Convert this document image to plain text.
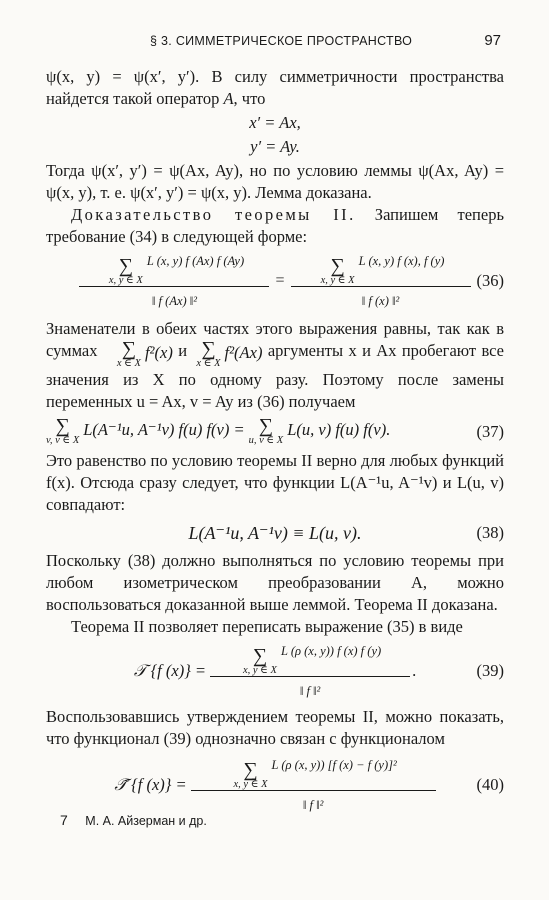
§ 3. СИММЕТРИЧЕСКОЕ ПРОСТРАНСТВО	97

ψ(x, y) = ψ(x′, y′). В силу симметричности пространства найдется такой оператор A, что

x′ = Ax,
y′ = Ay.

Тогда ψ(x′, y′) = ψ(Ax, Ay), но по условию леммы ψ(Ax, Ay) = ψ(x, y), т. е. ψ(x′, y′) = ψ(x, y). Лемма доказана.

Доказательство теоремы II. Запишем теперь требование (34) в следующей форме:

∑
x, y ∈ X
L (x, y) f (Ax) f (Ay)
‖ f (Ax) ‖² = ∑
x, y ∈ X
L (x, y) f (x), f (y)
‖ f (x) ‖² (36)

Знаменатели в обеих частях этого выражения равны, так как в суммах ∑
x ∈ X
f²(x) и ∑
x ∈ X
f²(Ax) аргументы x и Ax пробегают все значения из X по одному разу. Поэтому после замены переменных u = Ax, v = Ay из (36) получаем

∑
v, v ∈ X
L(A⁻¹u, A⁻¹v) f(u) f(v) = ∑
u, v ∈ X
L(u, v) f(u) f(v).	(37)

Это равенство по условию теоремы II верно для любых функций f(x). Отсюда сразу следует, что функции L(A⁻¹u, A⁻¹v) и L(u, v) совпадают:

L(A⁻¹u, A⁻¹v) ≡ L(u, v).	(38)

Поскольку (38) должно выполняться по условию теоремы при любом изометрическом преобразовании A, можно воспользоваться доказанной выше леммой. Теорема II доказана.

Теорема II позволяет переписать выражение (35) в виде

𝒯 {f (x)} = ∑
x, y ∈ X
L (ρ (x, y)) f (x) f (y)
‖ f ‖² .	(39)

Воспользовавшись утверждением теоремы II, можно показать, что функционал (39) однозначно связан с функционалом

𝒯̃ {f (x)} = ∑
x, y ∈ X
L (ρ (x, y)) [f (x) − f (y)]²
‖ f ‖² (40)
7 М. А. Айзерман и др.
